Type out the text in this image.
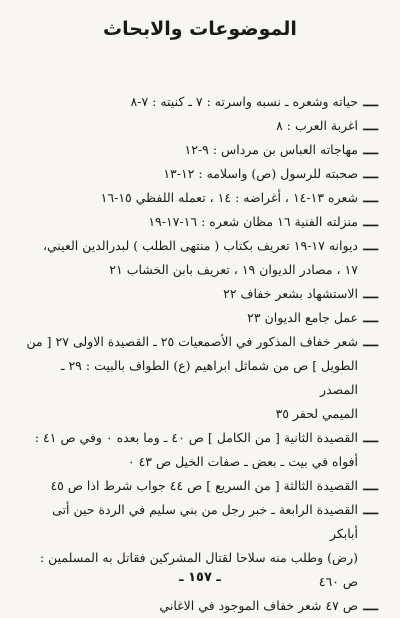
الموضوعات والابحاث
ــــ
حياته وشعره ـ نسبه واسرته : ٧ ـ كنيته : ٧-٨
ــــ
اغربة العرب : ٨
ــــ
مهاجاته العباس بن مرداس : ٩-١٢
ــــ
صحبته للرسول (ص) واسلامه : ١٢-١٣
ــــ
شعره ١٣-١٤ ، أغراضه : ١٤ ، تعمله اللفظي ١٥-١٦
ــــ
منزلته الفنية ١٦ مظان شعره : ١٦-١٧-١٩
ــــ
ديوانه ١٧-١٩ تعريف بكتاب ( منتهى الطلب ) لبدرالدين العيني،
١٧ ، مصادر الديوان ١٩ ، تعريف بابن الخشاب ٢١
ــــ
الاستشهاد بشعر خفاف ٢٢
ــــ
عمل جامع الديوان ٢٣
ــــ
شعر خفاف المذكور في الأصمعيات ٢٥ ـ القصيدة الاولى ٢٧ [ من
الطويل ] ص من شماثل ابراهيم (ع) الطواف بالبيت : ٢٩ ـ المصدر
الميمي لحفر ٣٥
ــــ
القصيدة الثانية [ من الكامل ] ص ٤٠ ـ وما بعده ٠ وفي ص ٤١ :
أفواه في بيت ـ بعض ـ صفات الخيل ص ٤٣ ٠
ــــ
القصيدة الثالثة [ من السريع ] ص ٤٤ جواب شرط اذا ص ٤٥
ــــ
القصيدة الرابعة ـ خبر رجل من بني سليم في الردة حين أتى أبابكر
(رض) وطلب منه سلاحا لقتال المشركين فقاتل به المسلمين : ص ٤٦٠
ــــ
ص ٤٧ شعر خفاف الموجود في الاغاني
ـ ١٥٧ ـ
